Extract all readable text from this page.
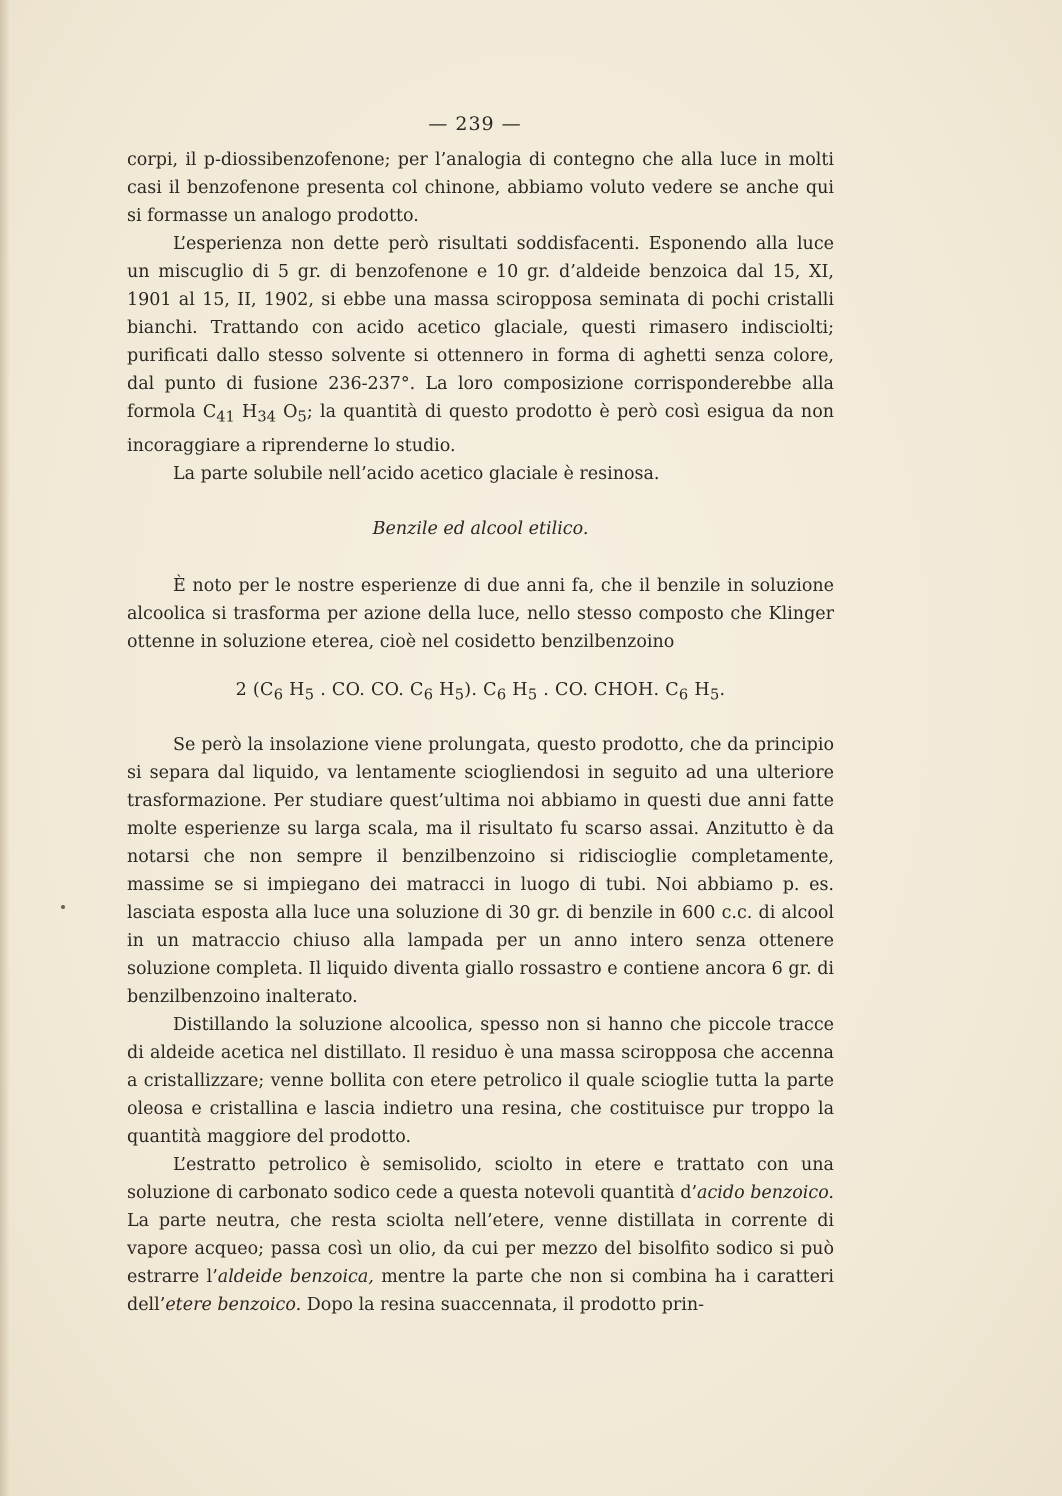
— 239 —

corpi, il p-diossibenzofenone; per l’analogia di contegno che alla luce in molti casi il benzofenone presenta col chinone, abbiamo voluto vedere se anche qui si formasse un analogo prodotto.

L’esperienza non dette però risultati soddisfacenti. Esponendo alla luce un miscuglio di 5 gr. di benzofenone e 10 gr. d’aldeide benzoica dal 15, XI, 1901 al 15, II, 1902, si ebbe una massa sciropposa seminata di pochi cristalli bianchi. Trattando con acido acetico glaciale, questi rimasero indisciolti; purificati dallo stesso solvente si ottennero in forma di aghetti senza colore, dal punto di fusione 236-237°. La loro composizione corrisponderebbe alla formola $C_{41}$ $H_{34}$ $O_5$; la quantità di questo prodotto è però così esigua da non incoraggiare a riprenderne lo studio.

La parte solubile nell’acido acetico glaciale è resinosa.

Benzile ed alcool etilico.

È noto per le nostre esperienze di due anni fa, che il benzile in soluzione alcoolica si trasforma per azione della luce, nello stesso composto che Klinger ottenne in soluzione eterea, cioè nel cosidetto benzilbenzoino

2 ($C_6$ $H_5$ . CO. CO. $C_6$ $H_5$). $C_6$ $H_5$ . CO. CHOH. $C_6$ $H_5$.

Se però la insolazione viene prolungata, questo prodotto, che da principio si separa dal liquido, va lentamente sciogliendosi in seguito ad una ulteriore trasformazione. Per studiare quest’ultima noi abbiamo in questi due anni fatte molte esperienze su larga scala, ma il risultato fu scarso assai. Anzitutto è da notarsi che non sempre il benzilbenzoino si ridiscioglie completamente, massime se si impiegano dei matracci in luogo di tubi. Noi abbiamo p. es. lasciata esposta alla luce una soluzione di 30 gr. di benzile in 600 c.c. di alcool in un matraccio chiuso alla lampada per un anno intero senza ottenere soluzione completa. Il liquido diventa giallo rossastro e contiene ancora 6 gr. di benzilbenzoino inalterato.

Distillando la soluzione alcoolica, spesso non si hanno che piccole tracce di aldeide acetica nel distillato. Il residuo è una massa sciropposa che accenna a cristallizzare; venne bollita con etere petrolico il quale scioglie tutta la parte oleosa e cristallina e lascia indietro una resina, che costituisce pur troppo la quantità maggiore del prodotto.

L’estratto petrolico è semisolido, sciolto in etere e trattato con una soluzione di carbonato sodico cede a questa notevoli quantità d’acido benzoico. La parte neutra, che resta sciolta nell’etere, venne distillata in corrente di vapore acqueo; passa così un olio, da cui per mezzo del bisolfito sodico si può estrarre l’aldeide benzoica, mentre la parte che non si combina ha i caratteri dell’etere benzoico. Dopo la resina suaccennata, il prodotto prin-
